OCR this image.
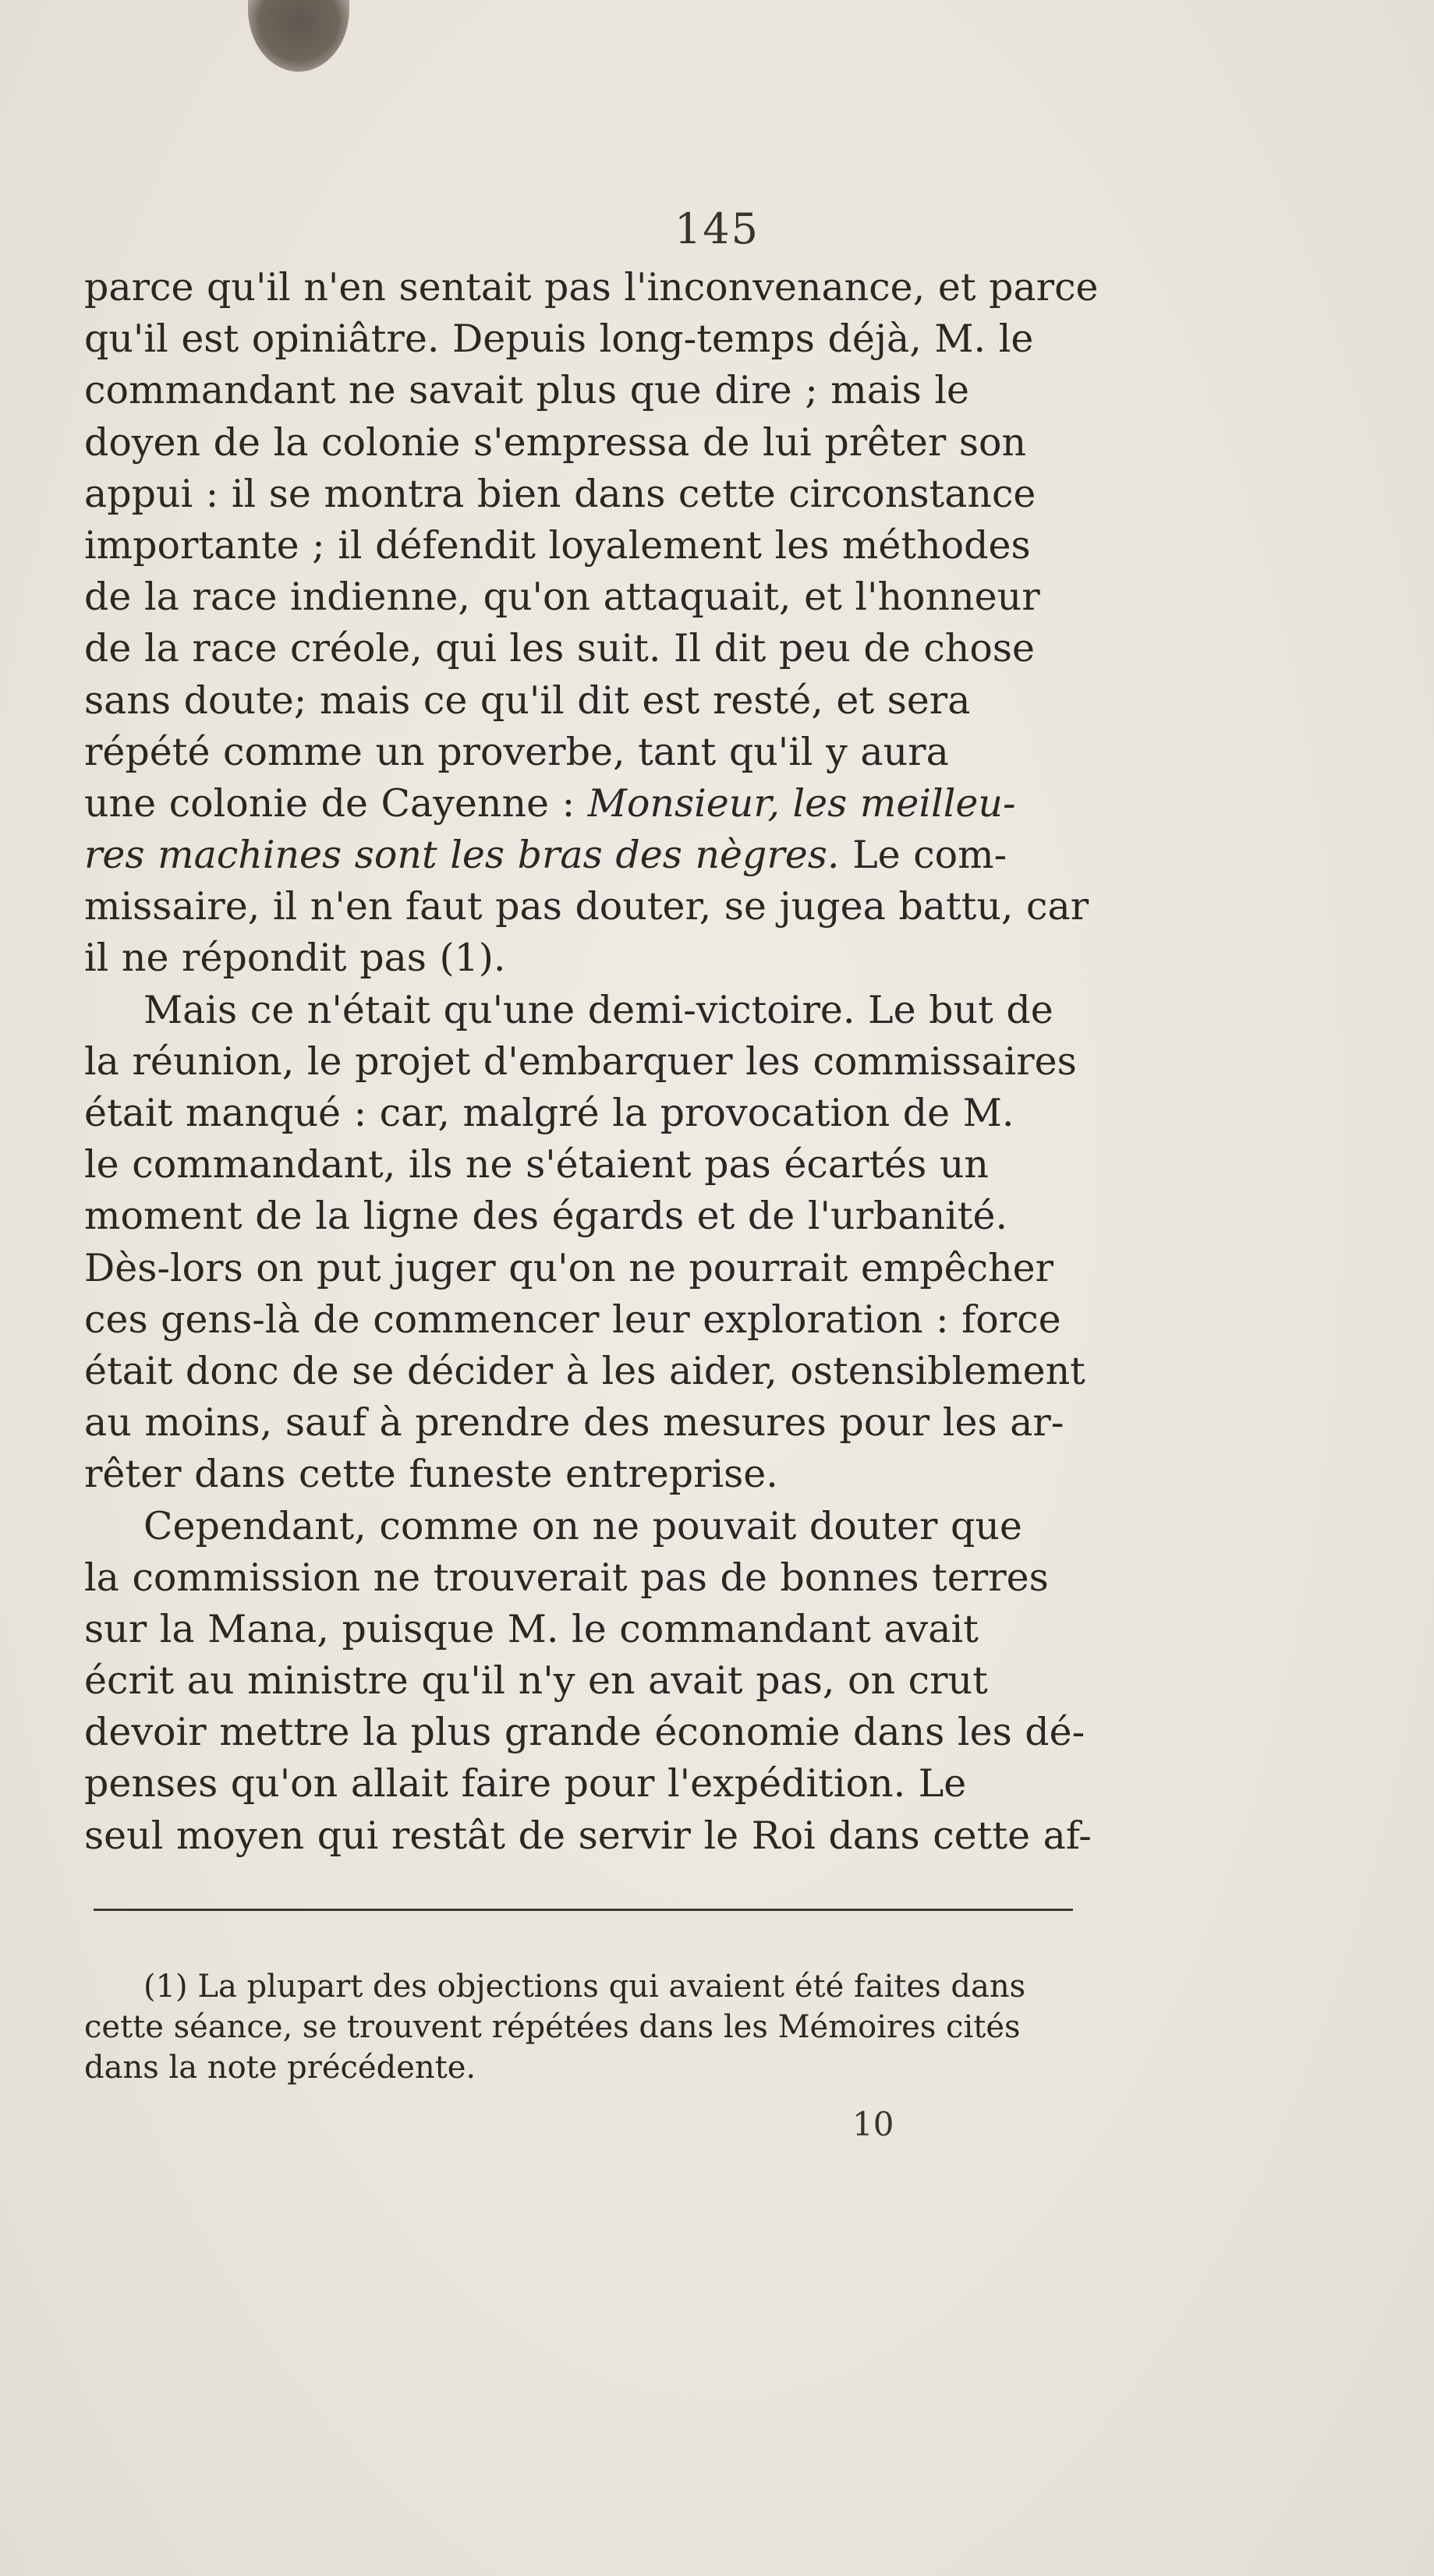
145
parce qu'il n'en sentait pas l'inconvenance, et parce
qu'il est opiniâtre. Depuis long-temps déjà, M. le
commandant ne savait plus que dire ; mais le
doyen de la colonie s'empressa de lui prêter son
appui : il se montra bien dans cette circonstance
importante ; il défendit loyalement les méthodes
de la race indienne, qu'on attaquait, et l'honneur
de la race créole, qui les suit. Il dit peu de chose
sans doute; mais ce qu'il dit est resté, et sera
répété comme un proverbe, tant qu'il y aura
une colonie de Cayenne : Monsieur, les meilleu-
res machines sont les bras des nègres. Le com-
missaire, il n'en faut pas douter, se jugea battu, car
il ne répondit pas (1).
Mais ce n'était qu'une demi-victoire. Le but de
la réunion, le projet d'embarquer les commissaires
était manqué : car, malgré la provocation de M.
le commandant, ils ne s'étaient pas écartés un
moment de la ligne des égards et de l'urbanité.
Dès-lors on put juger qu'on ne pourrait empêcher
ces gens-là de commencer leur exploration : force
était donc de se décider à les aider, ostensiblement
au moins, sauf à prendre des mesures pour les ar-
rêter dans cette funeste entreprise.
Cependant, comme on ne pouvait douter que
la commission ne trouverait pas de bonnes terres
sur la Mana, puisque M. le commandant avait
écrit au ministre qu'il n'y en avait pas, on crut
devoir mettre la plus grande économie dans les dé-
penses qu'on allait faire pour l'expédition. Le
seul moyen qui restât de servir le Roi dans cette af-
(1) La plupart des objections qui avaient été faites dans
cette séance, se trouvent répétées dans les Mémoires cités
dans la note précédente.
10
